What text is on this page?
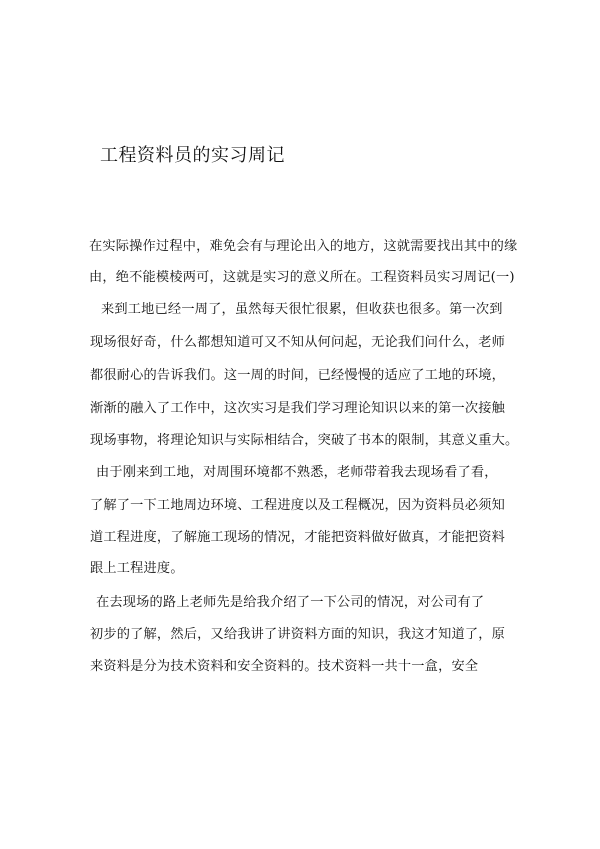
工程资料员的实习周记
在实际操作过程中，难免会有与理论出入的地方，这就需要找出其中的缘
由，绝不能模棱两可，这就是实习的意义所在。工程资料员实习周记(一)
来到工地已经一周了，虽然每天很忙很累，但收获也很多。第一次到
现场很好奇，什么都想知道可又不知从何问起，无论我们问什么，老师
都很耐心的告诉我们。这一周的时间，已经慢慢的适应了工地的环境，
渐渐的融入了工作中，这次实习是我们学习理论知识以来的第一次接触
现场事物，将理论知识与实际相结合，突破了书本的限制，其意义重大。
由于刚来到工地，对周围环境都不熟悉，老师带着我去现场看了看，
了解了一下工地周边环境、工程进度以及工程概况，因为资料员必须知
道工程进度，了解施工现场的情况，才能把资料做好做真，才能把资料
跟上工程进度。
在去现场的路上老师先是给我介绍了一下公司的情况，对公司有了
初步的了解，然后，又给我讲了讲资料方面的知识，我这才知道了，原
来资料是分为技术资料和安全资料的。技术资料一共十一盒，安全
